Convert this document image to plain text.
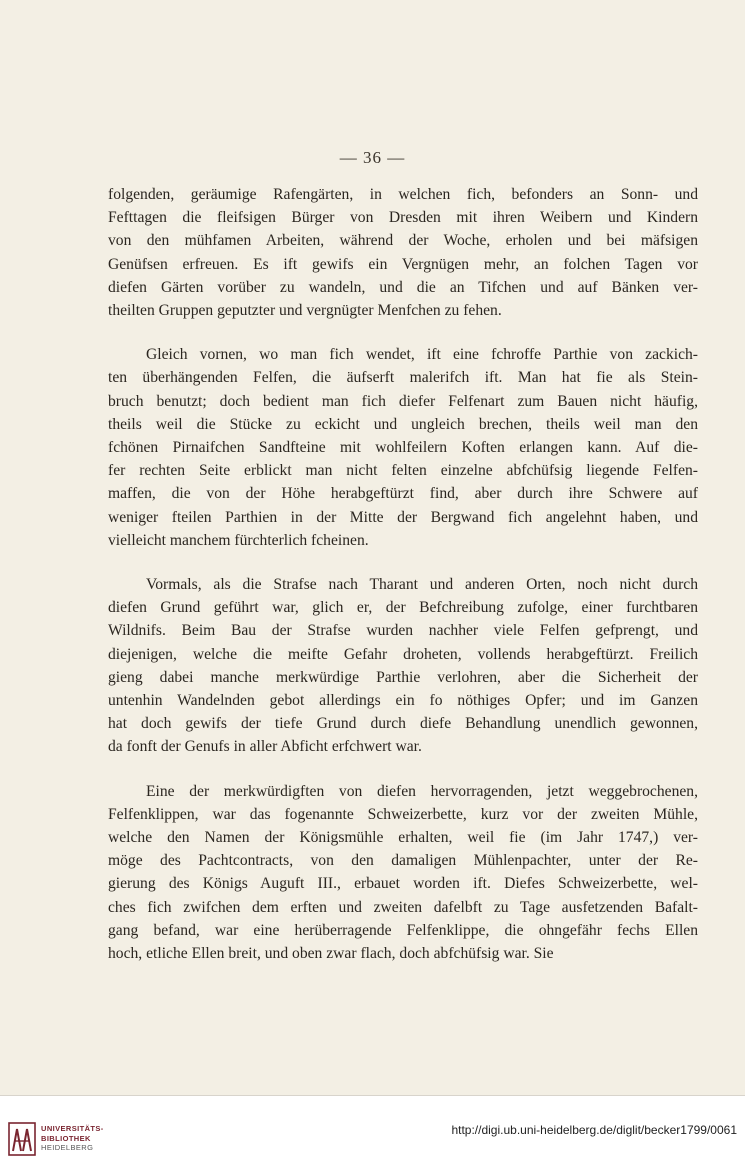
— 36 —
folgenden, geräumige Rafengärten, in welchen fich, befonders an Sonn- und
Fefttagen die fleifsigen Bürger von Dresden mit ihren Weibern und Kindern
von den mühfamen Arbeiten, während der Woche, erholen und bei mäfsigen
Genüfsen erfreuen. Es ift gewifs ein Vergnügen mehr, an folchen Tagen vor
diefen Gärten vorüber zu wandeln, und die an Tifchen und auf Bänken ver-
theilten Gruppen geputzter und vergnügter Menfchen zu fehen.
Gleich vornen, wo man fich wendet, ift eine fchroffe Parthie von zackich-
ten überhängenden Felfen, die äufserft malerifch ift. Man hat fie als Stein-
bruch benutzt; doch bedient man fich diefer Felfenart zum Bauen nicht häufig,
theils weil die Stücke zu eckicht und ungleich brechen, theils weil man den
fchönen Pirnaifchen Sandfteine mit wohlfeilern Koften erlangen kann. Auf die-
fer rechten Seite erblickt man nicht felten einzelne abfchüfsig liegende Felfen-
maffen, die von der Höhe herabgeftürzt find, aber durch ihre Schwere auf
weniger fteilen Parthien in der Mitte der Bergwand fich angelehnt haben, und
vielleicht manchem fürchterlich fcheinen.
Vormals, als die Strafse nach Tharant und anderen Orten, noch nicht durch
diefen Grund geführt war, glich er, der Befchreibung zufolge, einer furchtbaren
Wildnifs. Beim Bau der Strafse wurden nachher viele Felfen gefprengt, und
diejenigen, welche die meifte Gefahr droheten, vollends herabgeftürzt. Freilich
gieng dabei manche merkwürdige Parthie verlohren, aber die Sicherheit der
untenhin Wandelnden gebot allerdings ein fo nöthiges Opfer; und im Ganzen
hat doch gewifs der tiefe Grund durch diefe Behandlung unendlich gewonnen,
da fonft der Genufs in aller Abficht erfchwert war.
Eine der merkwürdigften von diefen hervorragenden, jetzt weggebrochenen,
Felfenklippen, war das fogenannte Schweizerbette, kurz vor der zweiten Mühle,
welche den Namen der Königsmühle erhalten, weil fie (im Jahr 1747,) ver-
möge des Pachtcontracts, von den damaligen Mühlenpachter, unter der Re-
gierung des Königs Auguft III., erbauet worden ift. Diefes Schweizerbette, wel-
ches fich zwifchen dem erften und zweiten dafelbft zu Tage ausfetzenden Bafalt-
gang befand, war eine herüberragende Felfenklippe, die ohngefähr fechs Ellen
hoch, etliche Ellen breit, und oben zwar flach, doch abfchüfsig war. Sie
UNIVERSITÄTS-
BIBLIOTHEK
HEIDELBERG
http://digi.ub.uni-heidelberg.de/diglit/becker1799/0061
